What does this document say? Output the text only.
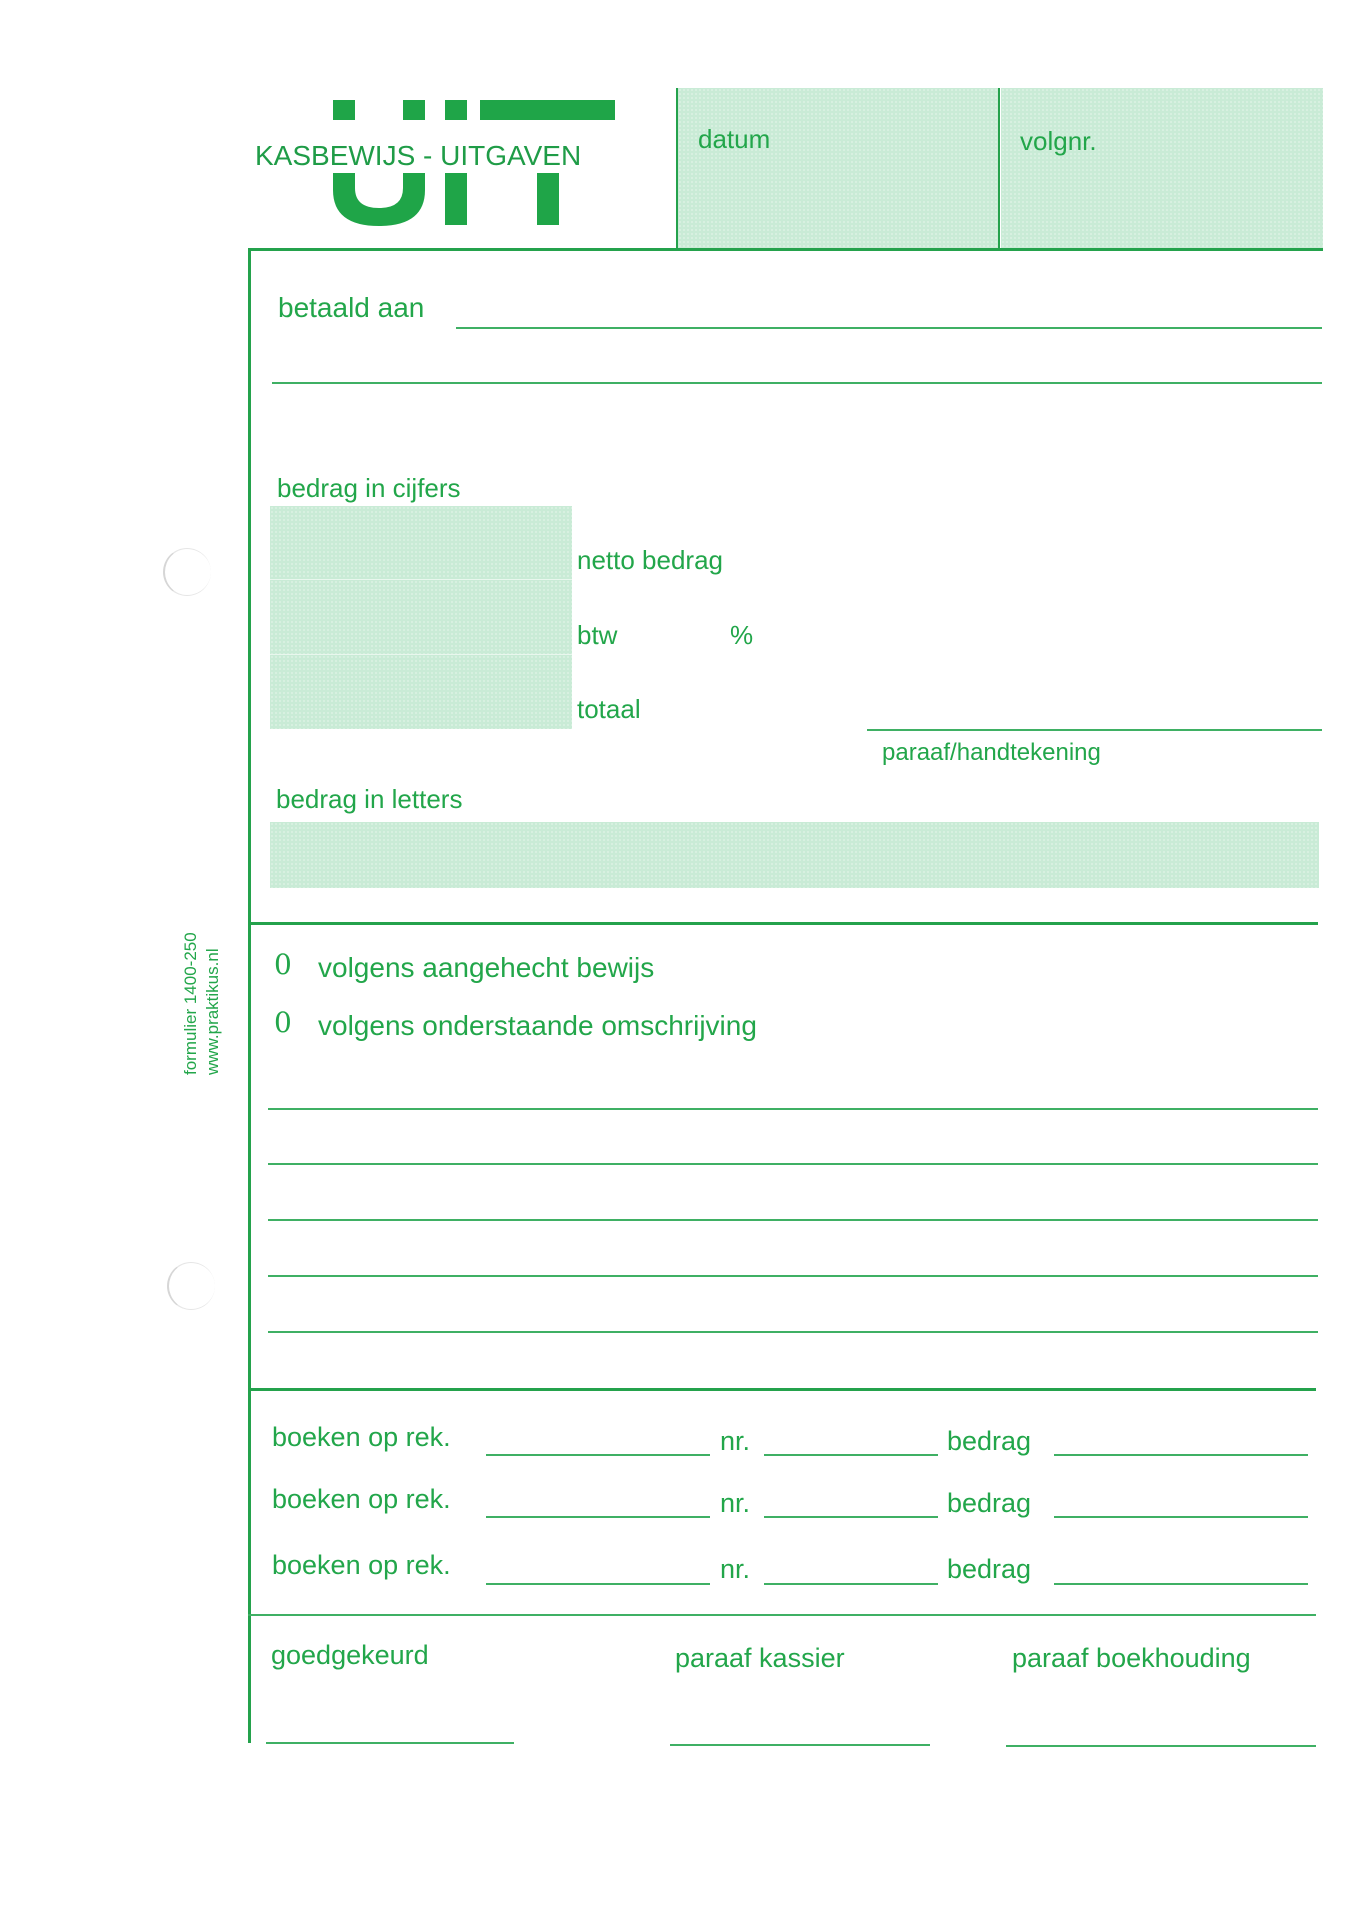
formulier 1400-250 www.praktikus.nl
KASBEWIJS - UITGAVEN
datum	volgnr.
betaald aan
bedrag in cijfers
netto bedrag
btw	%
totaal
paraaf/handtekening
bedrag in letters
0 volgens aangehecht bewijs
0 volgens onderstaande omschrijving
boeken op rek.	nr.	bedrag
boeken op rek.	nr.	bedrag
boeken op rek.	nr.	bedrag
goedgekeurd	paraaf kassier	paraaf boekhouding
